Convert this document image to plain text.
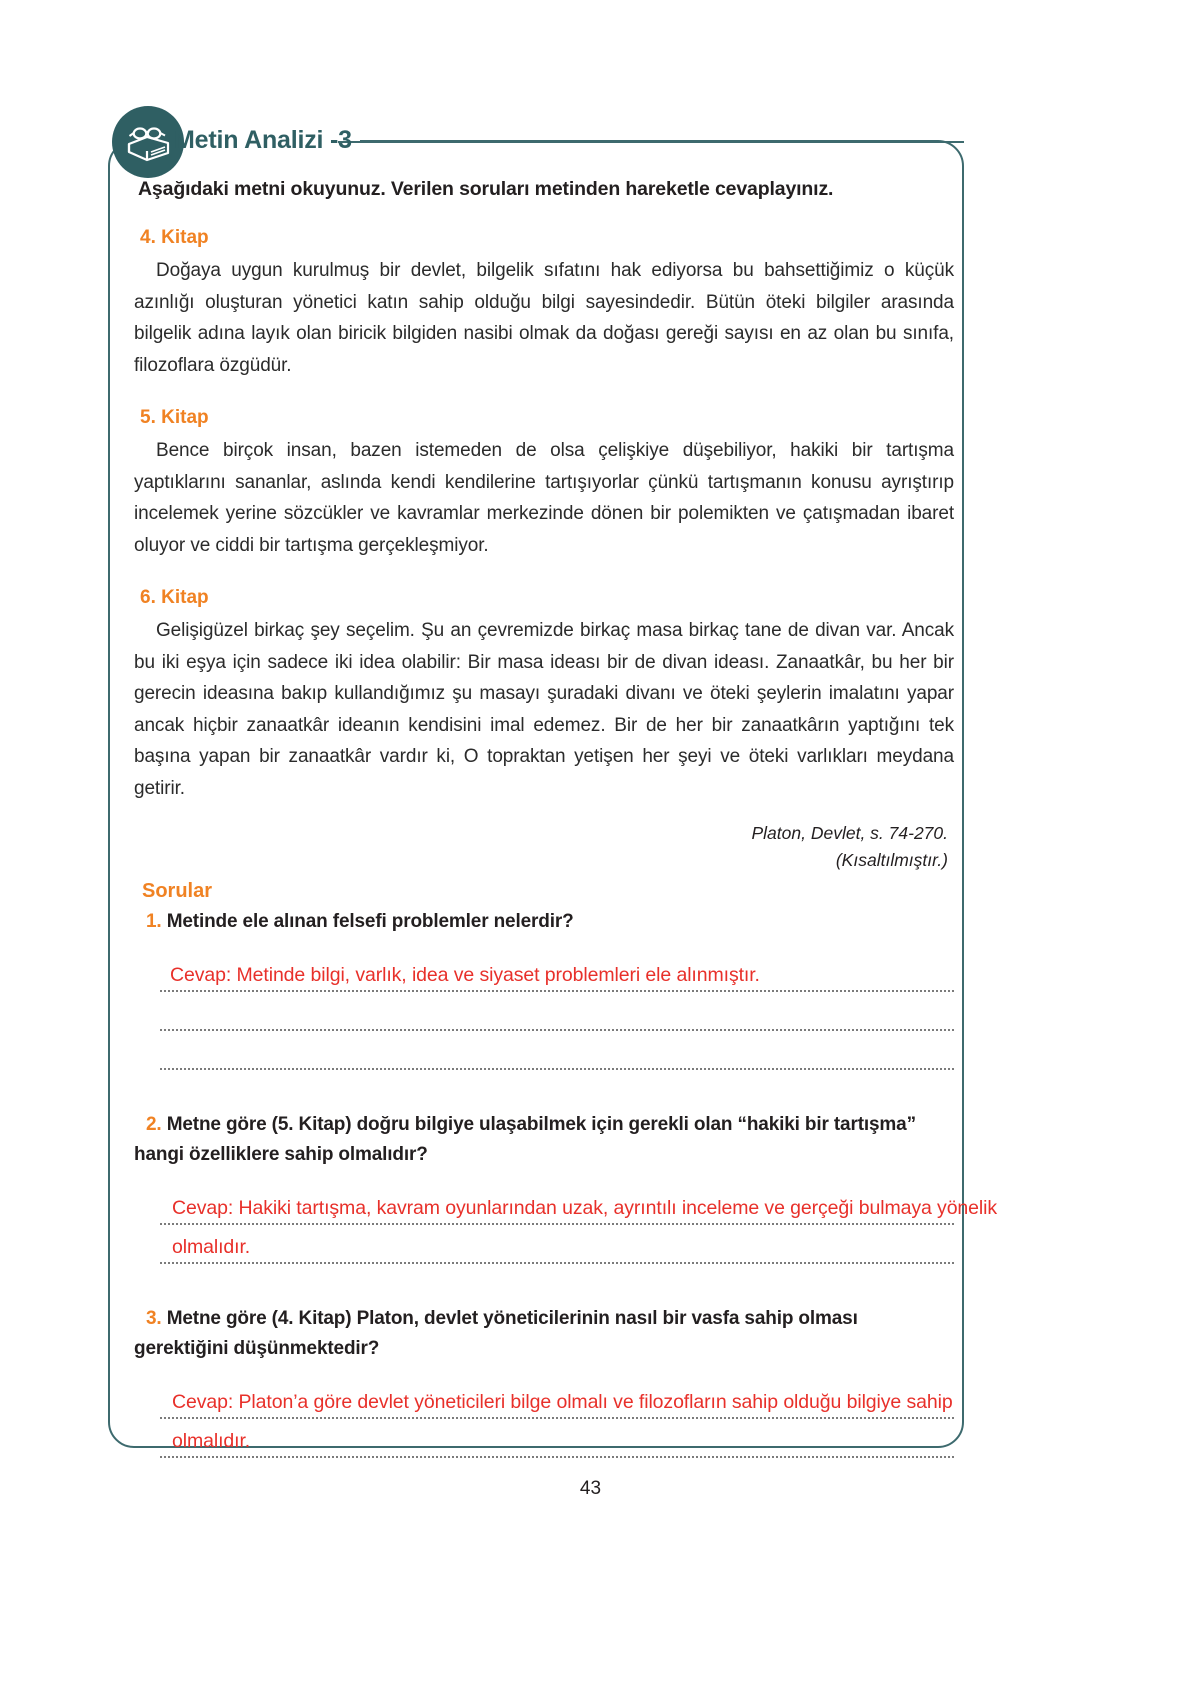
Metin Analizi -3
Aşağıdaki metni okuyunuz. Verilen soruları metinden hareketle cevaplayınız.
4. Kitap

Doğaya uygun kurulmuş bir devlet, bilgelik sıfatını hak ediyorsa bu bahsettiğimiz o küçük azınlığı oluşturan yönetici katın sahip olduğu bilgi sayesindedir. Bütün öteki bilgiler arasında bilgelik adına layık olan biricik bilgiden nasibi olmak da doğası gereği sayısı en az olan bu sınıfa, filozoflara özgüdür.

5. Kitap

Bence birçok insan, bazen istemeden de olsa çelişkiye düşebiliyor, hakiki bir tartışma yaptıklarını sananlar, aslında kendi kendilerine tartışıyorlar çünkü tartışmanın konusu ayrıştırıp incelemek yerine sözcükler ve kavramlar merkezinde dönen bir polemikten ve çatışmadan ibaret oluyor ve ciddi bir tartışma gerçekleşmiyor.

6. Kitap

Gelişigüzel birkaç şey seçelim. Şu an çevremizde birkaç masa birkaç tane de divan var. Ancak bu iki eşya için sadece iki idea olabilir: Bir masa ideası bir de divan ideası. Zanaatkâr, bu her bir gerecin ideasına bakıp kullandığımız şu masayı şuradaki divanı ve öteki şeylerin imalatını yapar ancak hiçbir zanaatkâr ideanın kendisini imal edemez. Bir de her bir zanaatkârın yaptığını tek başına yapan bir zanaatkâr vardır ki, O topraktan yetişen her şeyi ve öteki varlıkları meydana getirir.

Platon, Devlet, s. 74-270.
(Kısaltılmıştır.)
Sorular
1. Metinde ele alınan felsefi problemler nelerdir?
Cevap: Metinde bilgi, varlık, idea ve siyaset problemleri ele alınmıştır.
2. Metne göre (5. Kitap) doğru bilgiye ulaşabilmek için gerekli olan “hakiki bir tartışma” hangi özelliklere sahip olmalıdır?
Cevap: Hakiki tartışma, kavram oyunlarından uzak, ayrıntılı inceleme ve gerçeği bulmaya yönelik
olmalıdır.
3. Metne göre (4. Kitap) Platon, devlet yöneticilerinin nasıl bir vasfa sahip olması gerektiğini düşünmektedir?
Cevap: Platon’a göre devlet yöneticileri bilge olmalı ve filozofların sahip olduğu bilgiye sahip
olmalıdır.
43
